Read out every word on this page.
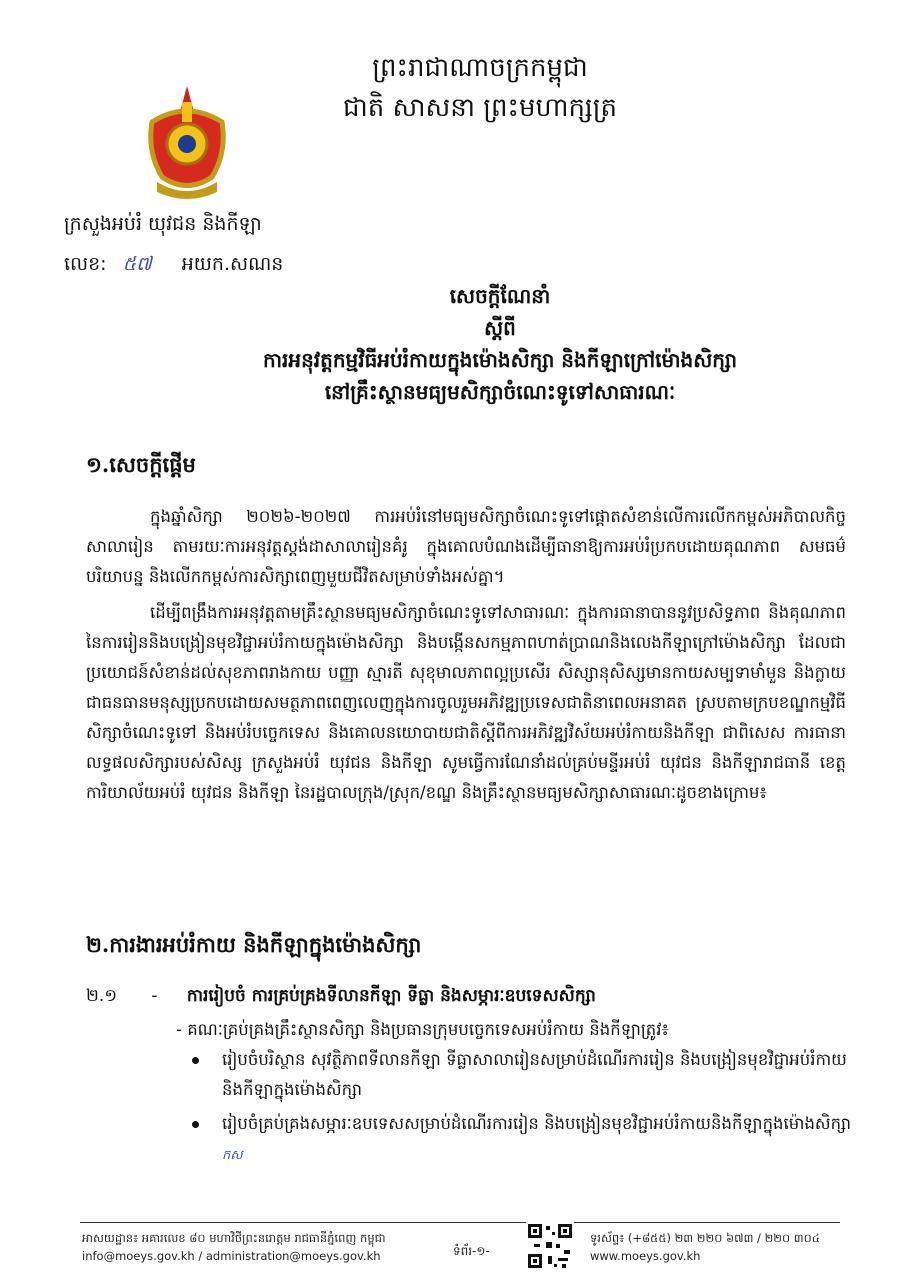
ព្រះរាជាណាចក្រកម្ពុជា
ជាតិ សាសនា ព្រះមហាក្សត្រ
ក្រសួងអប់រំ យុវជន និងកីឡា
លេខ: ៥៧ អយក.សណន
សេចក្ដីណែនាំ
ស្ដីពី
ការអនុវត្តកម្មវិធីអប់រំកាយក្នុងម៉ោងសិក្សា និងកីឡាក្រៅម៉ោងសិក្សា
នៅគ្រឹះស្ថានមធ្យមសិក្សាចំណេះទូទៅសាធារណៈ
១.សេចក្ដីផ្ដើម
ក្នុងឆ្នាំសិក្សា ២០២៦-២០២៧ ការអប់រំនៅមធ្យមសិក្សាចំណេះទូទៅផ្ដោតសំខាន់លើការលើកកម្ពស់អភិបាលកិច្ចសាលារៀន តាមរយៈការអនុវត្តស្តង់ដាសាលារៀនគំរូ ក្នុងគោលបំណងដើម្បីធានាឱ្យការអប់រំប្រកបដោយគុណភាព សមធម៌ បរិយាបន្ន និងលើកកម្ពស់ការសិក្សាពេញមួយជីវិតសម្រាប់ទាំងអស់គ្នា។
ដើម្បីពង្រឹងការអនុវត្តតាមគ្រឹះស្ថានមធ្យមសិក្សាចំណេះទូទៅសាធារណៈ ក្នុងការធានាបាននូវប្រសិទ្ធភាព និងគុណភាពនៃការរៀននិងបង្រៀនមុខវិជ្ជាអប់រំកាយក្នុងម៉ោងសិក្សា និងបង្កើនសកម្មភាពហាត់ប្រាណនិងលេងកីឡាក្រៅម៉ោងសិក្សា ដែលជាប្រយោជន៍សំខាន់ដល់សុខភាពរាងកាយ បញ្ញា ស្មារតី សុខុមាលភាពល្អប្រសើរ សិស្សានុសិស្សមានកាយសម្បទាមាំមួន និងក្លាយជាធនធានមនុស្សប្រកបដោយសមត្ថភាពពេញលេញក្នុងការចូលរួមអភិវឌ្ឍប្រទេសជាតិនាពេលអនាគត ស្របតាមក្របខណ្ឌកម្មវិធីសិក្សាចំណេះទូទៅ និងអប់រំបច្ចេកទេស និងគោលនយោបាយជាតិស្ដីពីការអភិវឌ្ឍវិស័យអប់រំកាយនិងកីឡា ជាពិសេស ការធានាលទ្ធផលសិក្សារបស់សិស្ស ក្រសួងអប់រំ យុវជន និងកីឡា សូមធ្វើការណែនាំដល់គ្រប់មន្ទីរអប់រំ យុវជន និងកីឡារាជធានី ខេត្ត ការិយាល័យអប់រំ យុវជន និងកីឡា នៃរដ្ឋបាលក្រុង/ស្រុក/ខណ្ឌ និងគ្រឹះស្ថានមធ្យមសិក្សាសាធារណៈដូចខាងក្រោម៖
២.ការងារអប់រំកាយ និងកីឡាក្នុងម៉ោងសិក្សា
២.១ - ការរៀបចំ ការគ្រប់គ្រងទីលានកីឡា ទីធ្លា និងសម្ភារៈឧបទេសសិក្សា
- គណៈគ្រប់គ្រងគ្រឹះស្ថានសិក្សា និងប្រធានក្រុមបច្ចេកទេសអប់រំកាយ និងកីឡាត្រូវ៖
រៀបចំបរិស្ថាន សុវត្ថិភាពទីលានកីឡា ទីធ្លាសាលារៀនសម្រាប់ដំណើរការរៀន និងបង្រៀនមុខវិជ្ជាអប់រំកាយនិងកីឡាក្នុងម៉ោងសិក្សា
រៀបចំគ្រប់គ្រងសម្ភារៈឧបទេសសម្រាប់ដំណើរការរៀន និងបង្រៀនមុខវិជ្ជាអប់រំកាយនិងកីឡាក្នុងម៉ោងសិក្សា កស
អាសយដ្ឋាន៖ អគារលេខ ៨០ មហាវិថីព្រះនរោត្តម រាជធានីភ្នំពេញ កម្ពុជា
info@moeys.gov.kh / administration@moeys.gov.kh	ទំព័រ-១-
ទូរស័ព្ទ៖ (+៨៥៥) ២៣ ២២០ ៦៧៣ / ២២០ ៣០៤
www.moeys.gov.kh
